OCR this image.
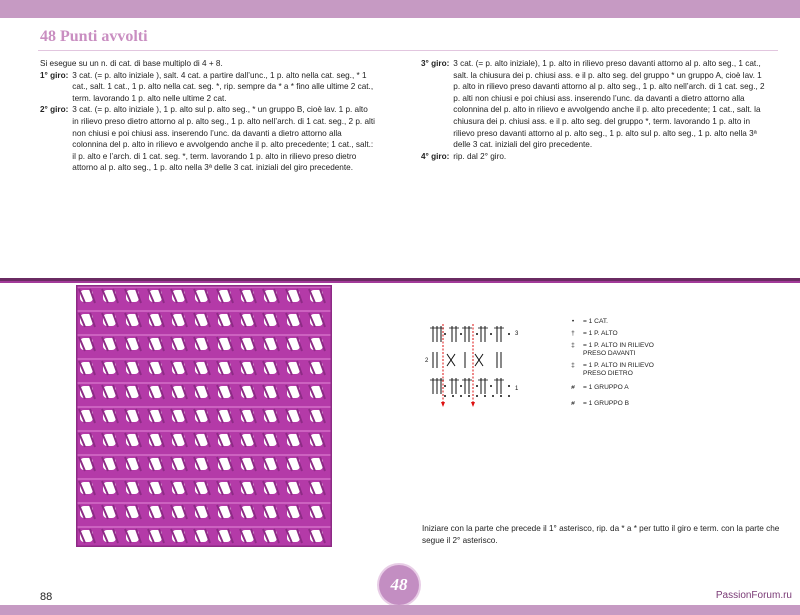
48 Punti avvolti

Si esegue su un n. di cat. di base multiplo di 4 + 8.

1° giro: 3 cat. (= p. alto iniziale ), salt. 4 cat. a partire dall’unc., 1 p. alto nella cat. seg., * 1 cat., salt. 1 cat., 1 p. alto nella cat. seg. *, rip. sempre da * a * fino alle ultime 2 cat., term. lavorando 1 p. alto nelle ultime 2 cat.
2° giro: 3 cat. (= p. alto iniziale ), 1 p. alto sul p. alto seg., * un gruppo B, cioè lav. 1 p. alto in rilievo preso dietro attorno al p. alto seg., 1 p. alto nell’arch. di 1 cat. seg., 2 p. alti non chiusi e poi chiusi ass. inserendo l’unc. da davanti a dietro attorno alla colonnina del p. alto in rilievo e avvolgendo anche il p. alto precedente; 1 cat., salt.: il p. alto e l’arch. di 1 cat. seg. *, term. lavorando 1 p. alto in rilievo preso dietro attorno al p. alto seg., 1 p. alto nella 3ª delle 3 cat. iniziali del giro precedente.
3° giro: 3 cat. (= p. alto iniziale), 1 p. alto in rilievo preso davanti attorno al p. alto seg., 1 cat., salt. la chiusura dei p. chiusi ass. e il p. alto seg. del gruppo * un gruppo A, cioè lav. 1 p. alto in rilievo preso davanti attorno al p. alto seg., 1 p. alto nell’arch. di 1 cat. seg., 2 p. alti non chiusi e poi chiusi ass. inserendo l’unc. da davanti a dietro attorno alla colonnina del p. alto in rilievo e avvolgendo anche il p. alto precedente; 1 cat., salt. la chiusura dei p. chiusi ass. e il p. alto seg. del gruppo *, term. lavorando 1 p. alto in rilievo preso davanti attorno al p. alto seg., 1 p. alto sul p. alto seg., 1 p. alto nella 3ª delle 3 cat. iniziali del giro precedente.
4° giro: rip. dal 2° giro.
3
2
1
•	= 1 CAT.
†	= 1 P. ALTO
‡	= 1 P. ALTO IN RILIEVO PRESO DAVANTI
‡	= 1 P. ALTO IN RILIEVO PRESO DIETRO
⧣	= 1 GRUPPO A
⧣	= 1 GRUPPO B
Iniziare con la parte che precede il 1° asterisco, rip. da * a * per tutto il giro e term. con la parte che segue il 2° asterisco.
88
48
PassionForum.ru
